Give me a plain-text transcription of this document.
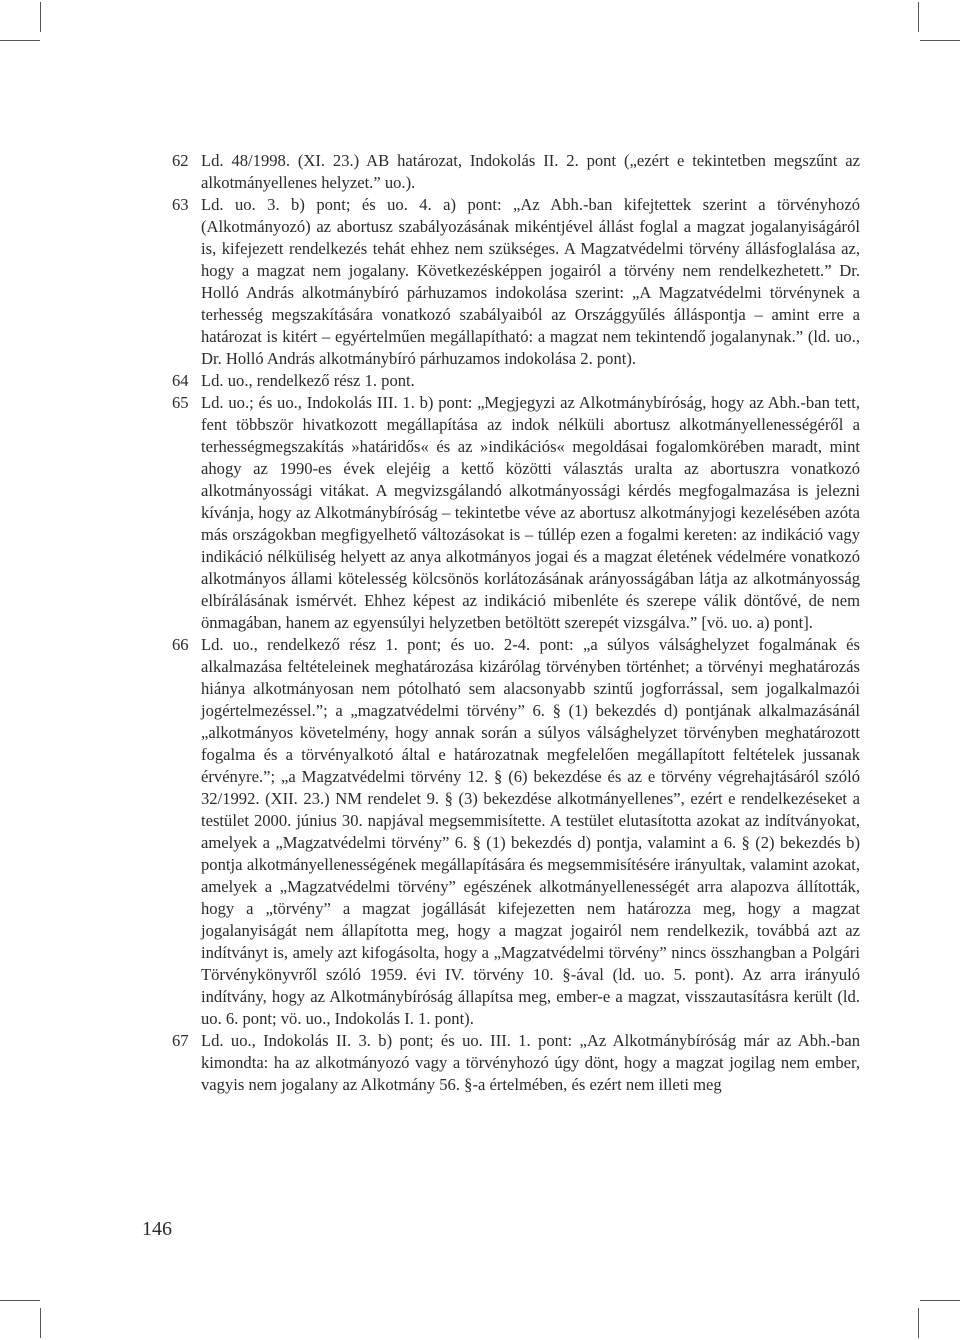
62 Ld. 48/1998. (XI. 23.) AB határozat, Indokolás II. 2. pont („ezért e tekintetben megszűnt az alkotmányellenes helyzet.” uo.).

63 Ld. uo. 3. b) pont; és uo. 4. a) pont: „Az Abh.-ban kifejtettek szerint a törvényhozó (Alkotmányozó) az abortusz szabályozásának mikéntjével állást foglal a magzat jogalanyiságáról is, kifejezett rendelkezés tehát ehhez nem szükséges. A Magzatvédelmi törvény állásfoglalása az, hogy a magzat nem jogalany. Következésképpen jogairól a törvény nem rendelkezhetett.” Dr. Holló András alkotmánybíró párhuzamos indokolása szerint: „A Magzatvédelmi törvénynek a terhesség megszakítására vonatkozó szabályaiból az Országgyűlés álláspontja – amint erre a határozat is kitért – egyértelműen megállapítható: a magzat nem tekintendő jogalanynak.” (ld. uo., Dr. Holló András alkotmánybíró párhuzamos indokolása 2. pont).

64 Ld. uo., rendelkező rész 1. pont.

65 Ld. uo.; és uo., Indokolás III. 1. b) pont: „Megjegyzi az Alkotmánybíróság, hogy az Abh.-ban tett, fent többször hivatkozott megállapítása az indok nélküli abortusz alkotmányellenességéről a terhességmegszakítás »határidős« és az »indikációs« megoldásai fogalomkörében maradt, mint ahogy az 1990-es évek elejéig a kettő közötti választás uralta az abortuszra vonatkozó alkotmányossági vitákat. A megvizsgálandó alkotmányossági kérdés megfogalmazása is jelezni kívánja, hogy az Alkotmánybíróság – tekintetbe véve az abortusz alkotmányjogi kezelésében azóta más országokban megfigyelhető változásokat is – túllép ezen a fogalmi kereten: az indikáció vagy indikáció nélküliség helyett az anya alkotmányos jogai és a magzat életének védelmére vonatkozó alkotmányos állami kötelesség kölcsönös korlátozásának arányosságában látja az alkotmányosság elbírálásának ismérvét. Ehhez képest az indikáció mibenléte és szerepe válik döntővé, de nem önmagában, hanem az egyensúlyi helyzetben betöltött szerepét vizsgálva.” [vö. uo. a) pont].

66 Ld. uo., rendelkező rész 1. pont; és uo. 2-4. pont: „a súlyos válsághelyzet fogalmának és alkalmazása feltételeinek meghatározása kizárólag törvényben történhet; a törvényi meghatározás hiánya alkotmányosan nem pótolható sem alacsonyabb szintű jogforrással, sem jogalkalmazói jogértelmezéssel.”; a „magzatvédelmi törvény” 6. § (1) bekezdés d) pontjának alkalmazásánál „alkotmányos követelmény, hogy annak során a súlyos válsághelyzet törvényben meghatározott fogalma és a törvényalkotó által e határozatnak megfelelően megállapított feltételek jussanak érvényre.”; „a Magzatvédelmi törvény 12. § (6) bekezdése és az e törvény végrehajtásáról szóló 32/1992. (XII. 23.) NM rendelet 9. § (3) bekezdése alkotmányellenes”, ezért e rendelkezéseket a testület 2000. június 30. napjával megsemmisítette. A testület elutasította azokat az indítványokat, amelyek a „Magzatvédelmi törvény” 6. § (1) bekezdés d) pontja, valamint a 6. § (2) bekezdés b) pontja alkotmányellenességének megállapítására és megsemmisítésére irányultak, valamint azokat, amelyek a „Magzatvédelmi törvény” egészének alkotmányellenességét arra alapozva állították, hogy a „törvény” a magzat jogállását kifejezetten nem határozza meg, hogy a magzat jogalanyiságát nem állapította meg, hogy a magzat jogairól nem rendelkezik, továbbá azt az indítványt is, amely azt kifogásolta, hogy a „Magzatvédelmi törvény” nincs összhangban a Polgári Törvénykönyvről szóló 1959. évi IV. törvény 10. §-ával (ld. uo. 5. pont). Az arra irányuló indítvány, hogy az Alkotmánybíróság állapítsa meg, ember-e a magzat, visszautasításra került (ld. uo. 6. pont; vö. uo., Indokolás I. 1. pont).

67 Ld. uo., Indokolás II. 3. b) pont; és uo. III. 1. pont: „Az Alkotmánybíróság már az Abh.-ban kimondta: ha az alkotmányozó vagy a törvényhozó úgy dönt, hogy a magzat jogilag nem ember, vagyis nem jogalany az Alkotmány 56. §-a értelmében, és ezért nem illeti meg

146
